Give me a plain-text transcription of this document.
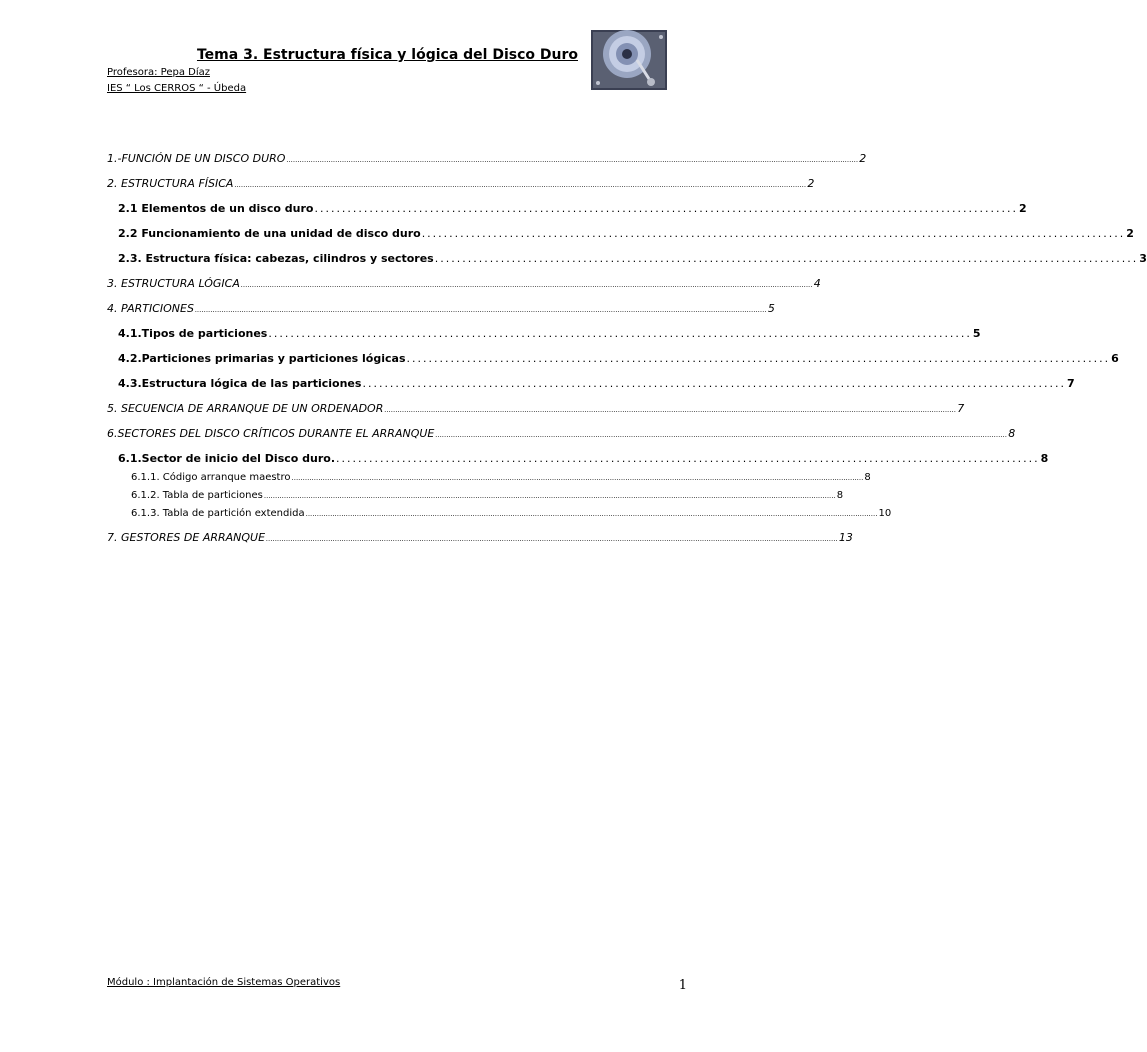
Tema 3. Estructura física y lógica del Disco Duro
Profesora: Pepa Díaz
IES “ Los CERROS “ - Úbeda
1.-FUNCIÓN DE UN DISCO DURO ................................................................................................................................................................................................................................................................. 2
2. ESTRUCTURA FÍSICA ................................................................................................................................................................................................................................................................. 2
2.1 Elementos de un disco duro ................................................................................................................................ 2
2.2 Funcionamiento de una unidad de disco duro ................................................................................................................................ 2
2.3. Estructura física: cabezas, cilindros y sectores ................................................................................................................................ 3
3. ESTRUCTURA LÓGICA ................................................................................................................................................................................................................................................................. 4
4. PARTICIONES ................................................................................................................................................................................................................................................................. 5
4.1.Tipos de particiones ................................................................................................................................ 5
4.2.Particiones primarias y particiones lógicas ................................................................................................................................ 6
4.3.Estructura lógica de las particiones ................................................................................................................................ 7
5. SECUENCIA DE ARRANQUE DE UN ORDENADOR ................................................................................................................................................................................................................................................................. 7
6.SECTORES DEL DISCO CRÍTICOS DURANTE EL ARRANQUE ................................................................................................................................................................................................................................................................. 8
6.1.Sector de inicio del Disco duro. ................................................................................................................................ 8
6.1.1. Código arranque maestro ................................................................................................................................................................................................................................................................. 8
6.1.2. Tabla de particiones ................................................................................................................................................................................................................................................................. 8
6.1.3. Tabla de partición extendida ................................................................................................................................................................................................................................................................. 10
7. GESTORES DE ARRANQUE ................................................................................................................................................................................................................................................................. 13
Módulo : Implantación de Sistemas Operativos	1
